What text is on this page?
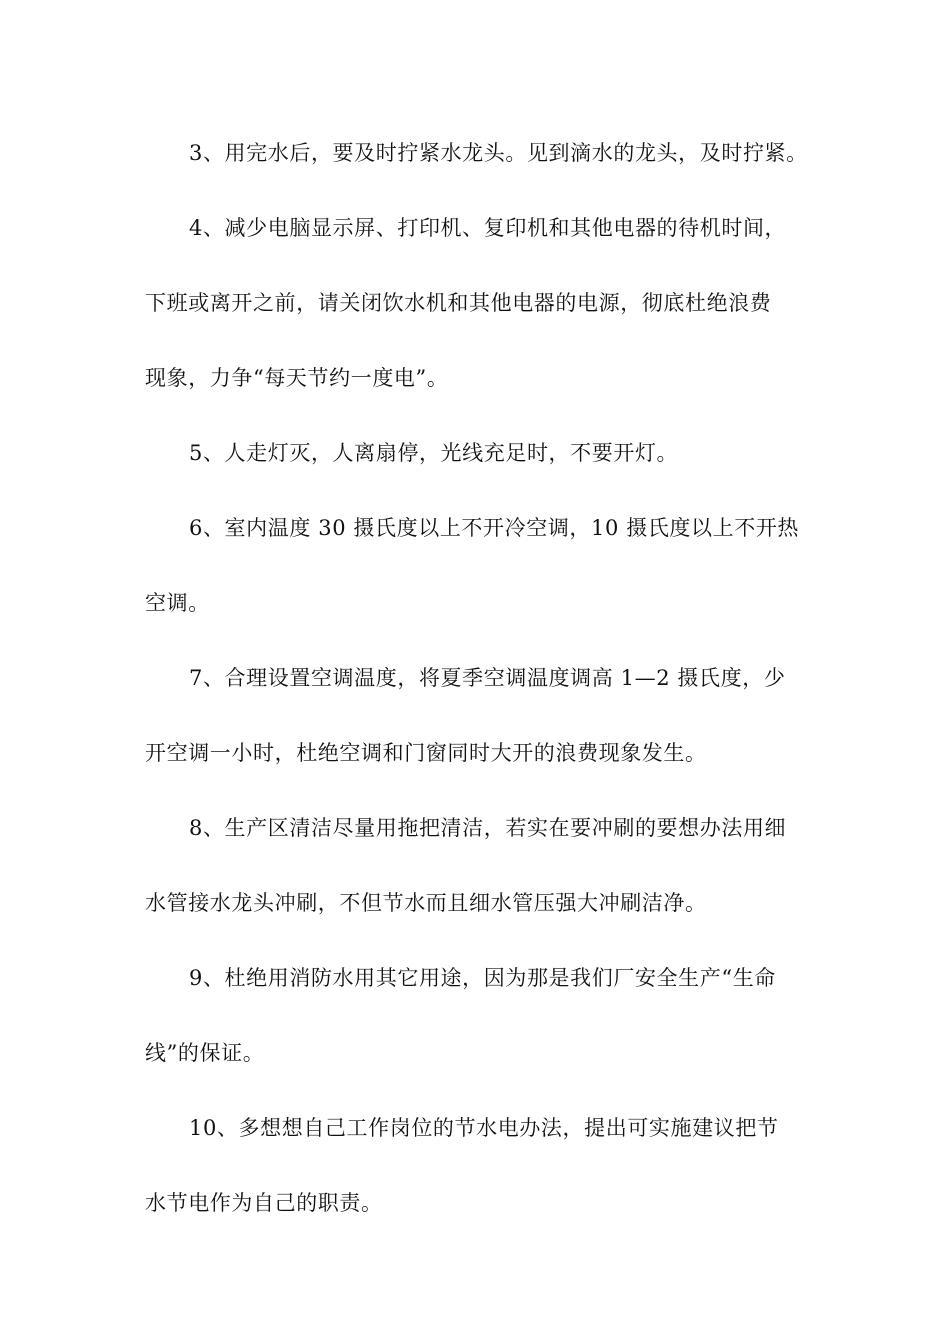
3、用完水后，要及时拧紧水龙头。见到滴水的龙头，及时拧紧。
4、减少电脑显示屏、打印机、复印机和其他电器的待机时间，
下班或离开之前，请关闭饮水机和其他电器的电源，彻底杜绝浪费
现象，力争“每天节约一度电”。
5、人走灯灭，人离扇停，光线充足时，不要开灯。
6、室内温度 30 摄氏度以上不开冷空调，10 摄氏度以上不开热
空调。
7、合理设置空调温度，将夏季空调温度调高 1—2 摄氏度，少
开空调一小时，杜绝空调和门窗同时大开的浪费现象发生。
8、生产区清洁尽量用拖把清洁，若实在要冲刷的要想办法用细
水管接水龙头冲刷，不但节水而且细水管压强大冲刷洁净。
9、杜绝用消防水用其它用途，因为那是我们厂安全生产“生命
线”的保证。
10、多想想自己工作岗位的节水电办法，提出可实施建议把节
水节电作为自己的职责。
